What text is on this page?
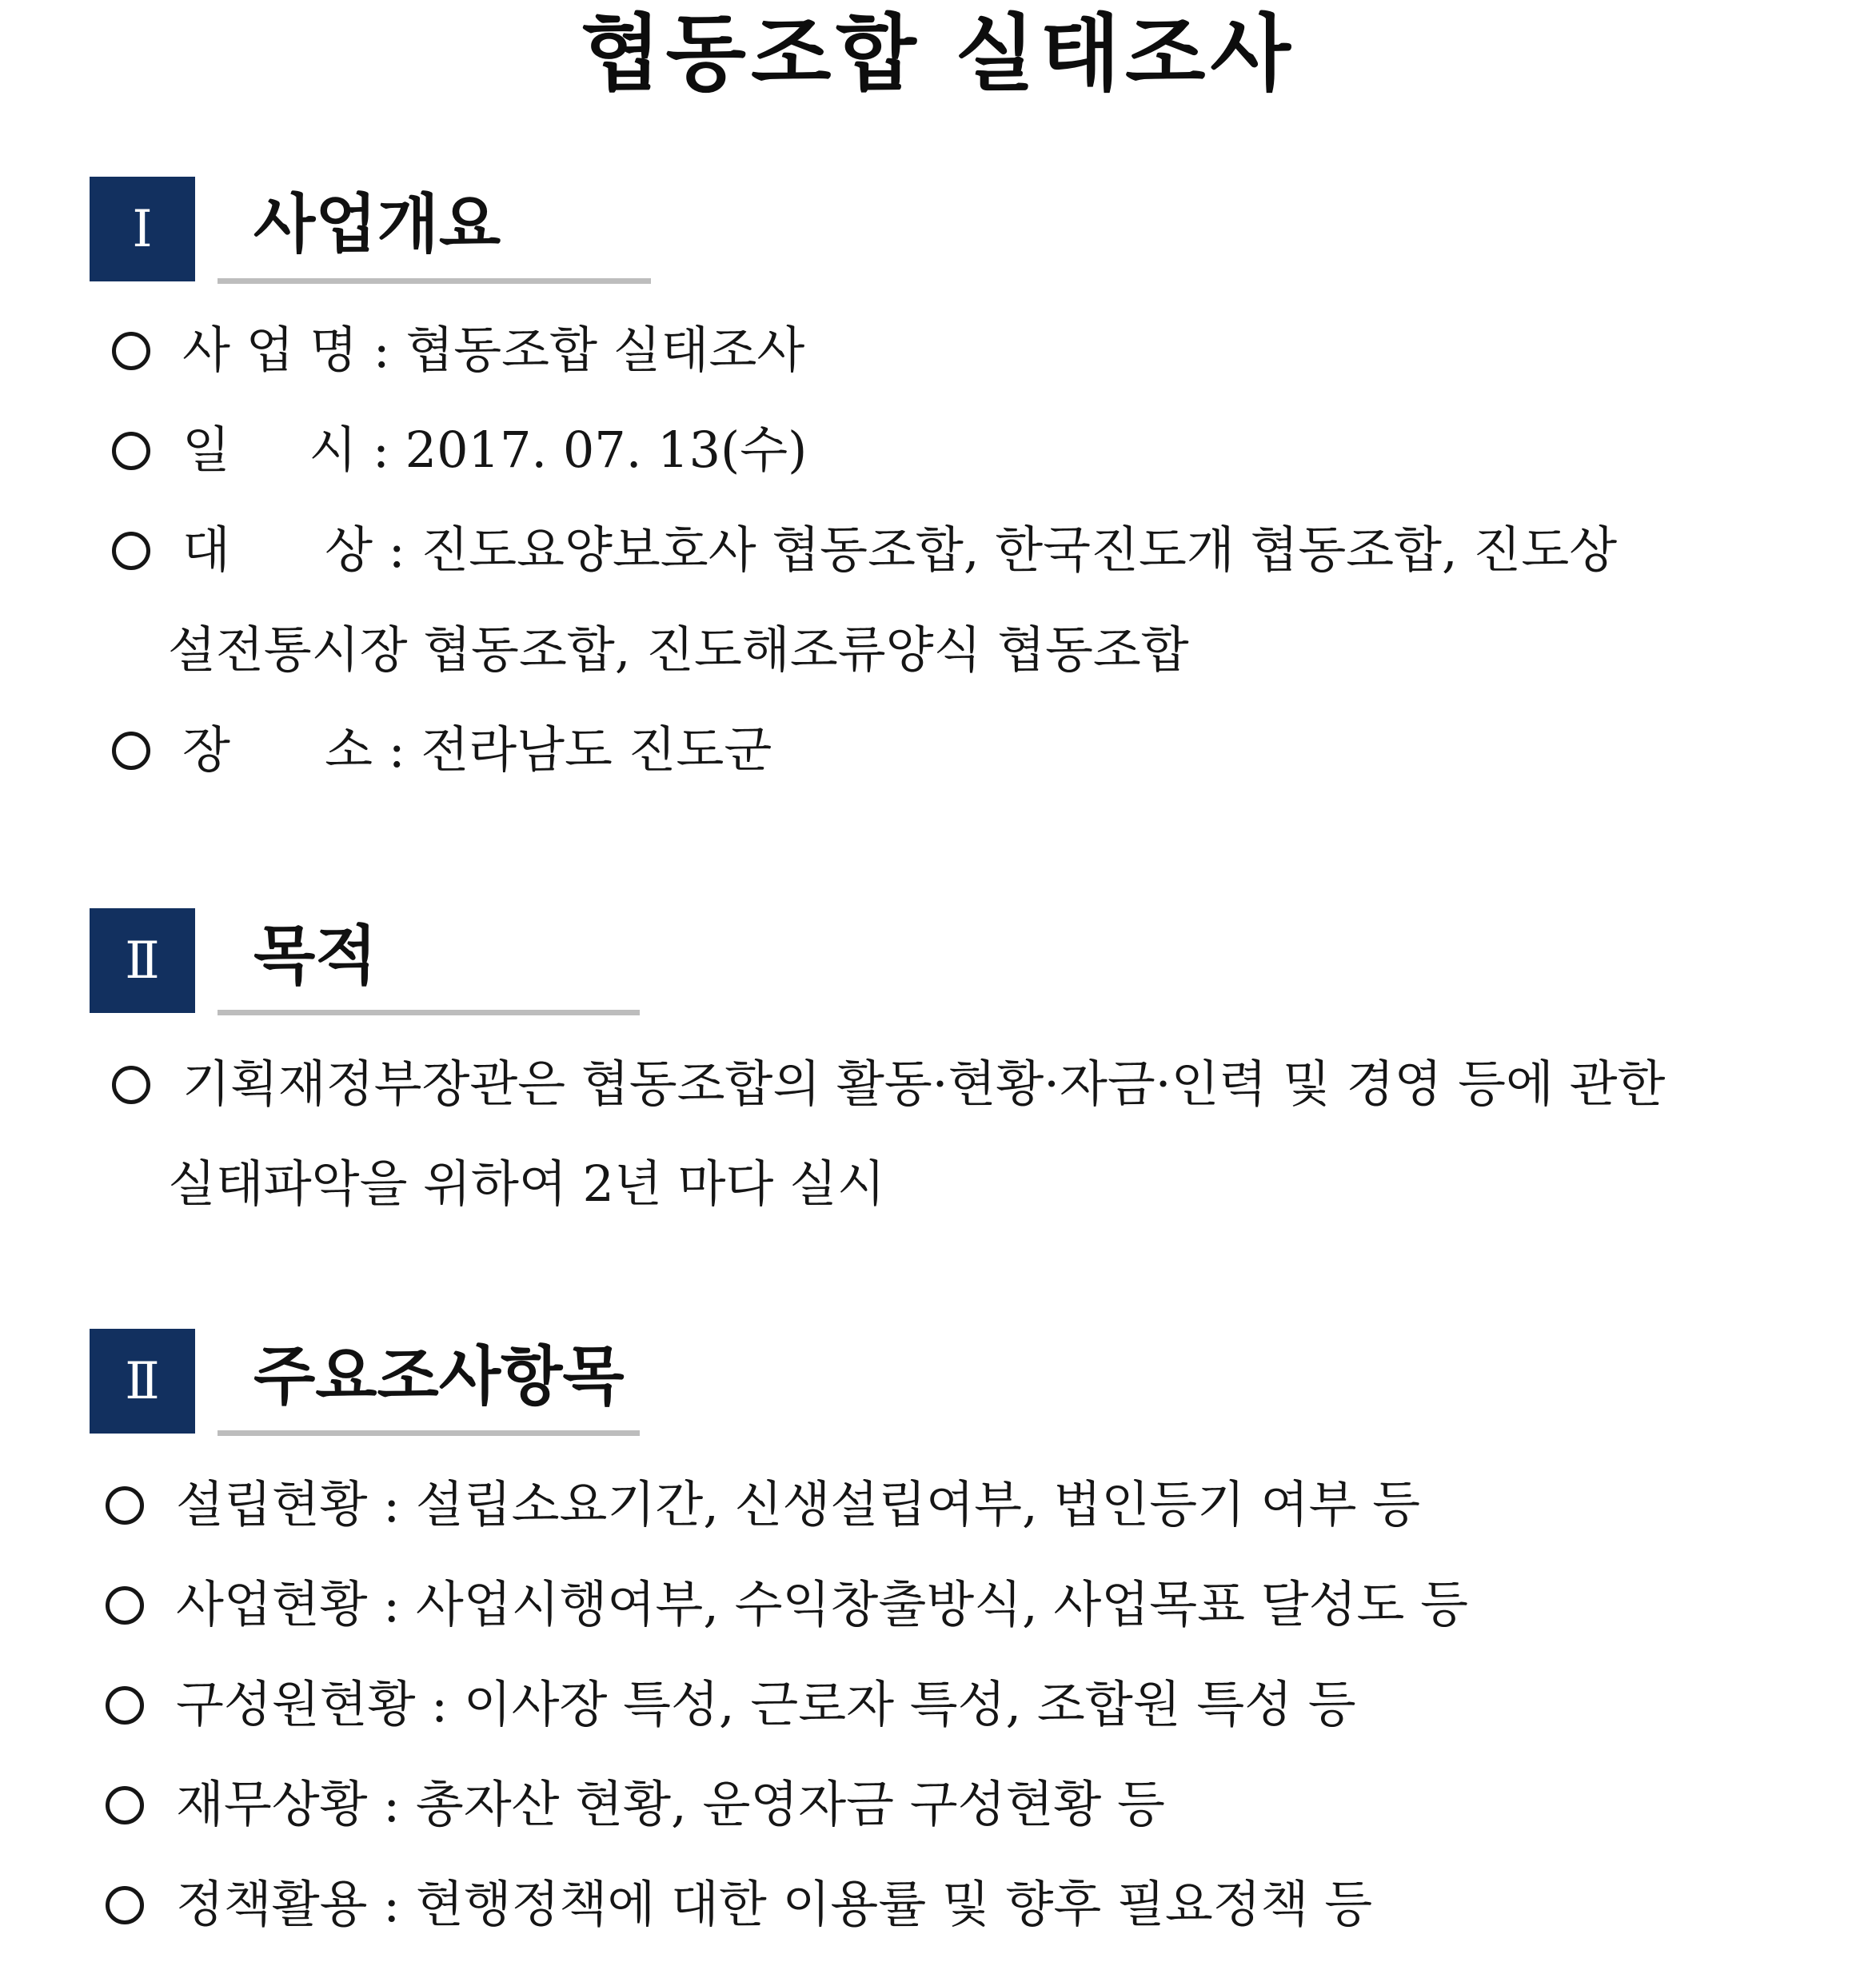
협동조합 실태조사
Ⅰ	사업개요
사 업 명 : 협동조합 실태조사
일     시 : 2017. 07. 13(수)
대      상 : 진도요양보호사 협동조합, 한국진도개 협동조합, 진도상
설전통시장 협동조합, 진도해조류양식 협동조합
장      소 : 전라남도 진도군
Ⅱ	목적
기획재정부장관은 협동조합의 활동·현황·자금·인력 및 경영 등에 관한
실태파악을 위하여 2년 마다 실시
Ⅱ	주요조사항목
설립현황 : 설립소요기간, 신생설립여부, 법인등기 여부 등
사업현황 : 사업시행여부, 수익창출방식, 사업목표 달성도 등
구성원현황 : 이사장 특성, 근로자 특성, 조합원 특성 등
재무상황 : 총자산 현황, 운영자금 구성현황 등
정책활용 : 현행정책에 대한 이용률 및 향후 필요정책 등
